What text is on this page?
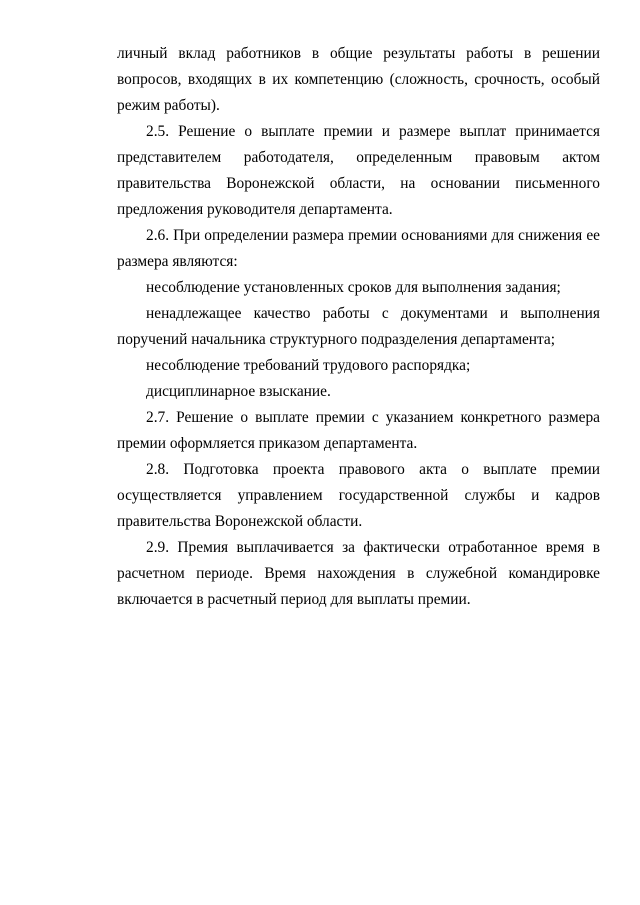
личный вклад работников в общие результаты работы в решении вопросов, входящих в их компетенцию (сложность, срочность, особый режим работы).

2.5. Решение о выплате премии и размере выплат принимается представителем работодателя, определенным правовым актом правительства Воронежской области, на основании письменного предложения руководителя департамента.

2.6. При определении размера премии основаниями для снижения ее размера являются:

несоблюдение установленных сроков для выполнения задания;

ненадлежащее качество работы с документами и выполнения поручений начальника структурного подразделения департамента;

несоблюдение требований трудового распорядка;

дисциплинарное взыскание.

2.7. Решение о выплате премии с указанием конкретного размера премии оформляется приказом департамента.

2.8. Подготовка проекта правового акта о выплате премии осуществляется управлением государственной службы и кадров правительства Воронежской области.

2.9. Премия выплачивается за фактически отработанное время в расчетном периоде. Время нахождения в служебной командировке включается в расчетный период для выплаты премии.
